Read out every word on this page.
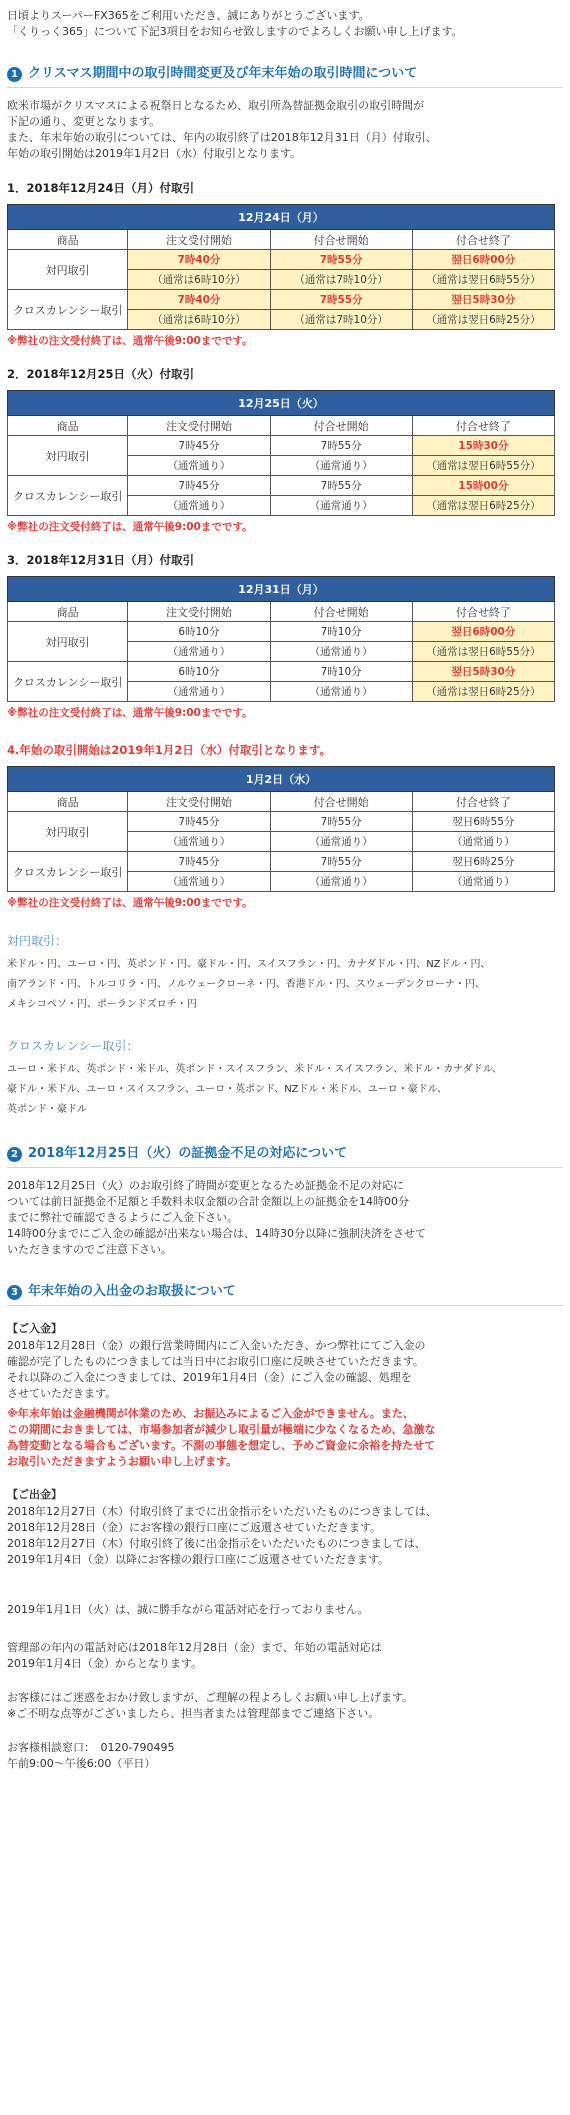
日頃よりスーパーFX365をご利用いただき、誠にありがとうございます。

「くりっく365」について下記3項目をお知らせ致しますのでよろしくお願い申し上げます。

1 クリスマス期間中の取引時間変更及び年末年始の取引時間について

欧米市場がクリスマスによる祝祭日となるため、取引所為替証拠金取引の取引時間が

下記の通り、変更となります。

また、年末年始の取引については、年内の取引終了は2018年12月31日（月）付取引、

年始の取引開始は2019年1月2日（水）付取引となります。

1．2018年12月24日（月）付取引
12月24日（月）			
商品	注文受付開始	付合せ開始	付合せ終了
対円取引	7時40分	7時55分	翌日6時00分
	（通常は6時10分）	（通常は7時10分）	（通常は翌日6時55分）
クロスカレンシー取引	7時40分	7時55分	翌日5時30分
	（通常は6時10分）	（通常は7時10分）	（通常は翌日6時25分）
※弊社の注文受付終了は、通常午後9:00までです。
2．2018年12月25日（火）付取引
12月25日（火）			
商品	注文受付開始	付合せ開始	付合せ終了
対円取引	7時45分	7時55分	15時30分
	（通常通り）	（通常通り）	（通常は翌日6時55分）
クロスカレンシー取引	7時45分	7時55分	15時00分
	（通常通り）	（通常通り）	（通常は翌日6時25分）
※弊社の注文受付終了は、通常午後9:00までです。
3．2018年12月31日（月）付取引
12月31日（月）			
商品	注文受付開始	付合せ開始	付合せ終了
対円取引	6時10分	7時10分	翌日6時00分
	（通常通り）	（通常通り）	（通常は翌日6時55分）
クロスカレンシー取引	6時10分	7時10分	翌日5時30分
	（通常通り）	（通常通り）	（通常は翌日6時25分）
※弊社の注文受付終了は、通常午後9:00までです。
4.年始の取引開始は2019年1月2日（水）付取引となります。
1月2日（水）			
商品	注文受付開始	付合せ開始	付合せ終了
対円取引	7時45分	7時55分	翌日6時55分
	（通常通り）	（通常通り）	（通常通り）
クロスカレンシー取引	7時45分	7時55分	翌日6時25分
	（通常通り）	（通常通り）	（通常通り）
※弊社の注文受付終了は、通常午後9:00までです。
対円取引：

米ドル・円、ユーロ・円、英ポンド・円、豪ドル・円、スイスフラン・円、カナダドル・円、NZドル・円、

南アランド・円、トルコリラ・円、ノルウェークローネ・円、香港ドル・円、スウェーデンクローナ・円、

メキシコペソ・円、ポーランドズロチ・円

クロスカレンシー取引：

ユーロ・米ドル、英ポンド・米ドル、英ポンド・スイスフラン、米ドル・スイスフラン、米ドル・カナダドル、

豪ドル・米ドル、ユーロ・スイスフラン、ユーロ・英ポンド、NZドル・米ドル、ユーロ・豪ドル、

英ポンド・豪ドル

2 2018年12月25日（火）の証拠金不足の対応について

2018年12月25日（火）のお取引終了時間が変更となるため証拠金不足の対応に

ついては前日証拠金不足額と手数料未収金額の合計金額以上の証拠金を14時00分

までに弊社で確認できるようにご入金下さい。

14時00分までにご入金の確認が出来ない場合は、14時30分以降に強制決済をさせて

いただきますのでご注意下さい。

3 年末年始の入出金のお取扱について
【ご入金】

2018年12月28日（金）の銀行営業時間内にご入金いただき、かつ弊社にてご入金の

確認が完了したものにつきましては当日中にお取引口座に反映させていただきます。

それ以降のご入金につきましては、2019年1月4日（金）にご入金の確認、処理を

させていただきます。

※年末年始は金融機関が休業のため、お振込みによるご入金ができません。また、

この期間におきましては、市場参加者が減少し取引量が極端に少なくなるため、急激な

為替変動となる場合もございます。不測の事態を想定し、予めご資金に余裕を持たせて

お取引いただきますようお願い申し上げます。

【ご出金】

2018年12月27日（木）付取引終了までに出金指示をいただいたものにつきましては、

2018年12月28日（金）にお客様の銀行口座にご返還させていただきます。

2018年12月27日（木）付取引終了後に出金指示をいただいたものにつきましては、

2019年1月4日（金）以降にお客様の銀行口座にご返還させていただきます。

2019年1月1日（火）は、誠に勝手ながら電話対応を行っておりません。

管理部の年内の電話対応は2018年12月28日（金）まで、年始の電話対応は

2019年1月4日（金）からとなります。

お客様にはご迷惑をおかけ致しますが、ご理解の程よろしくお願い申し上げます。

※ご不明な点等がございましたら、担当者または管理部までご連絡下さい。

お客様相談窓口：　0120-790495

午前9:00～午後6:00（平日）
